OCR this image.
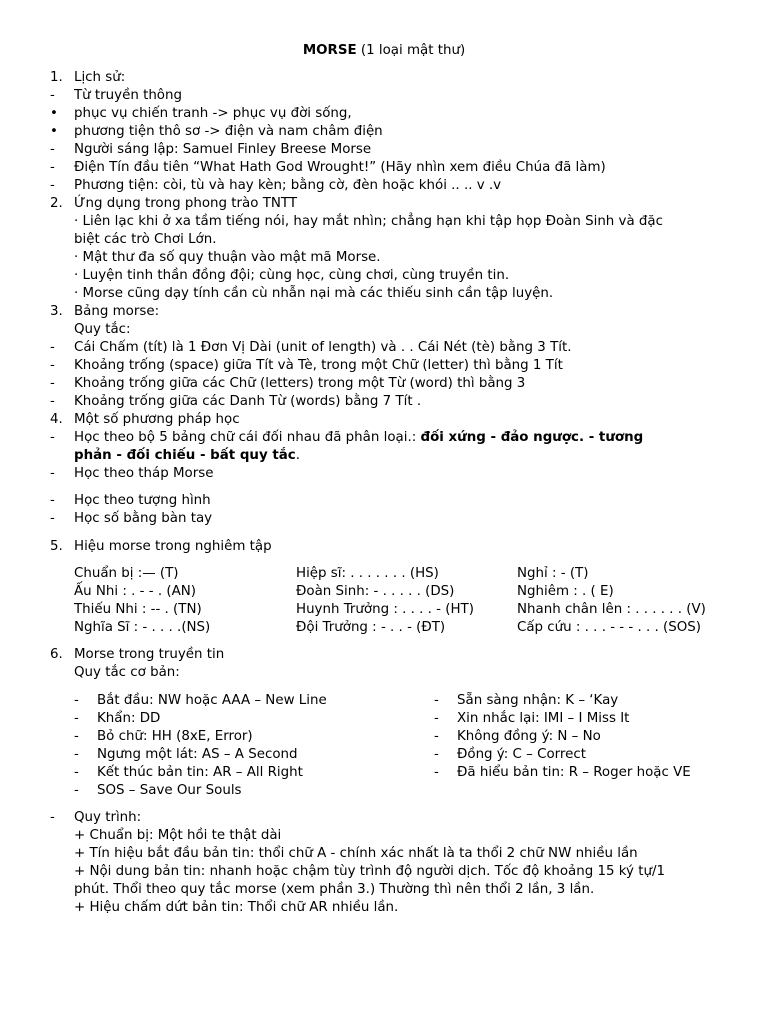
MORSE (1 loại mật thư)
1. Lịch sử:
- Từ truyền thông
• phục vụ chiến tranh -> phục vụ đời sống,
• phương tiện thô sơ -> điện và nam châm điện
- Người sáng lập: Samuel Finley Breese Morse
- Điện Tín đầu tiên “What Hath God Wrought!” (Hãy nhìn xem điều Chúa đã làm)
- Phương tiện: còi, tù và hay kèn; bằng cờ, đèn hoặc khói .. .. v .v
2. Ứng dụng trong phong trào TNTT
· Liên lạc khi ở xa tầm tiếng nói, hay mắt nhìn; chẳng hạn khi tập họp Đoàn Sinh và đặc
biệt các trò Chơi Lớn.
· Mật thư đa số quy thuận vào mật mã Morse.
· Luyện tinh thần đồng đội; cùng học, cùng chơi, cùng truyền tin.
· Morse cũng dạy tính cần cù nhẫn nại mà các thiếu sinh cần tập luyện.
3. Bảng morse:
Quy tắc:
- Cái Chấm (tít) là 1 Đơn Vị Dài (unit of length) và . . Cái Nét (tè) bằng 3 Tít.
- Khoảng trống (space) giữa Tít và Tè, trong một Chữ (letter) thì bằng 1 Tít
- Khoảng trống giữa các Chữ (letters) trong một Từ (word) thì bằng 3
- Khoảng trống giữa các Danh Từ (words) bằng 7 Tít .
4. Một số phương pháp học
- Học theo bộ 5 bảng chữ cái đối nhau đã phân loại.: đối xứng - đảo ngược. - tương
phản - đối chiếu - bất quy tắc.
- Học theo tháp Morse
- Học theo tượng hình
- Học số bằng bàn tay
5. Hiệu morse trong nghiêm tập
Chuẩn bị :— (T)	Hiệp sĩ: . . . . . . . (HS)	Nghỉ : - (T)
Ấu Nhi : . - - . (AN)	Đoàn Sinh: - . . . . . (DS)	Nghiêm : . ( E)
Thiếu Nhi : -- . (TN)	Huynh Trưởng : . . . . - (HT)	Nhanh chân lên : . . . . . . (V)
Nghĩa Sĩ : - . . . .(NS)	Đội Trưởng : - . . - (ĐT)	Cấp cứu : . . . - - - . . . (SOS)
6. Morse trong truyền tin
Quy tắc cơ bản:
- Bắt đầu: NW hoặc AAA – New Line
- Khẩn: DD
- Bỏ chữ: HH (8xE, Error)
- Ngưng một lát: AS – A Second
- Kết thúc bản tin: AR – All Right
- SOS – Save Our Souls
- Sẵn sàng nhận: K – ‘Kay
- Xin nhắc lại: IMI – I Miss It
- Không đồng ý: N – No
- Đồng ý: C – Correct
- Đã hiểu bản tin: R – Roger hoặc VE
- Quy trình:
+ Chuẩn bị: Một hồi te thật dài
+ Tín hiệu bắt đầu bản tin: thổi chữ A - chính xác nhất là ta thổi 2 chữ NW nhiều lần
+ Nội dung bản tin: nhanh hoặc chậm tùy trình độ người dịch. Tốc độ khoảng 15 ký tự/1
phút. Thổi theo quy tắc morse (xem phần 3.) Thường thì nên thổi 2 lần, 3 lần.
+ Hiệu chấm dứt bản tin: Thổi chữ AR nhiều lần.
